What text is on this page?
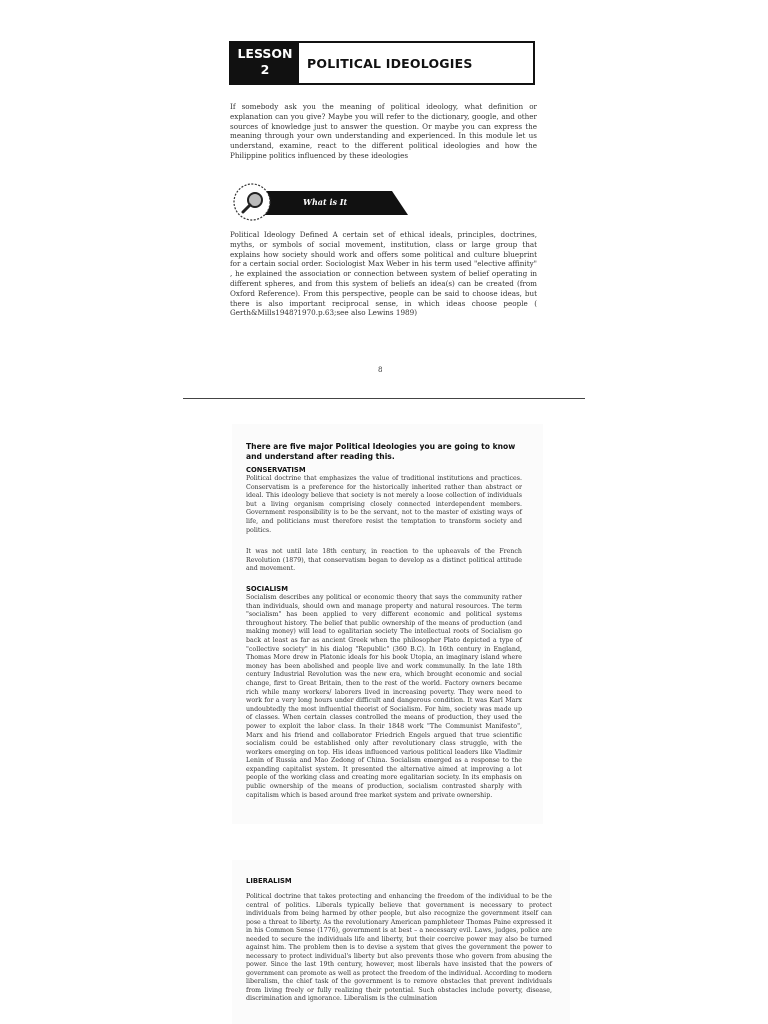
LESSON
2	POLITICAL IDEOLOGIES

If somebody ask you the meaning of political ideology, what definition or explanation can you give? Maybe you will refer to the dictionary, google, and other sources of knowledge just to answer the question. Or maybe you can express the meaning through your own understanding and experienced. In this module let us understand, examine, react to the different political ideologies and how the Philippine politics influenced by these ideologies

What is It

Political Ideology Defined A certain set of ethical ideals, principles, doctrines, myths, or symbols of social movement, institution, class or large group that explains how society should work and offers some political and culture blueprint for a certain social order. Sociologist Max Weber in his term used "elective affinity" , he explained the association or connection between system of belief operating in different spheres, and from this system of beliefs an idea(s) can be created (from Oxford Reference). From this perspective, people can be said to choose ideas, but there is also important reciprocal sense, in which ideas choose people ( Gerth&Mills1948?1970.p.63;see also Lewins 1989)

8
There are five major Political Ideologies you are going to know and understand after reading this.
CONSERVATISM

Political doctrine that emphasizes the value of traditional institutions and practices. Conservatism is a preference for the historically inherited rather than abstract or ideal. This ideology believe that society is not merely a loose collection of individuals but a living organism comprising closely connected interdependent members. Government responsibility is to be the servant, not to the master of existing ways of life, and politicians must therefore resist the temptation to transform society and politics.

It was not until late 18th century, in reaction to the upheavals of the French Revolution (1879), that conservatism began to develop as a distinct political attitude and movement.

SOCIALISM

Socialism describes any political or economic theory that says the community rather than individuals, should own and manage property and natural resources. The term "socialism" has been applied to very different economic and political systems throughout history. The belief that public ownership of the means of production (and making money) will lead to egalitarian society The intellectual roots of Socialism go back at least as far as ancient Greek when the philosopher Plato depicted a type of "collective society" in his dialog "Republic" (360 B.C). In 16th century in England, Thomas More drew in Platonic ideals for his book Utopia, an imaginary island where money has been abolished and people live and work communally. In the late 18th century Industrial Revolution was the new era, which brought economic and social change, first to Great Britain, then to the rest of the world. Factory owners became rich while many workers/ laborers lived in increasing poverty. They were need to work for a very long hours under difficult and dangerous condition. It was Karl Marx undoubtedly the most influential theorist of Socialism. For him, society was made up of classes. When certain classes controlled the means of production, they used the power to exploit the labor class. In their 1848 work "The Communist Manifesto", Marx and his friend and collaborator Friedrich Engels argued that true scientific socialism could be established only after revolutionary class struggle, with the workers emerging on top. His ideas influenced various political leaders like Vladimir Lenin of Russia and Mao Zedong of China. Socialism emerged as a response to the expanding capitalist system. It presented the alternative aimed at improving a lot people of the working class and creating more egalitarian society. In its emphasis on public ownership of the means of production, socialism contrasted sharply with capitalism which is based around free market system and private ownership.

LIBERALISM

Political doctrine that takes protecting and enhancing the freedom of the individual to be the central of politics. Liberals typically believe that government is necessary to protect individuals from being harmed by other people, but also recognize the government itself can pose a threat to liberty. As the revolutionary American pamphleteer Thomas Paine expressed it in his Common Sense (1776), government is at best – a necessary evil. Laws, judges, police are needed to secure the individuals life and liberty, but their coercive power may also be turned against him. The problem then is to devise a system that gives the government the power to necessary to protect individual's liberty but also prevents those who govern from abusing the power. Since the last 19th century, however, most liberals have insisted that the powers of government can promote as well as protect the freedom of the individual. According to modern liberalism, the chief task of the government is to remove obstacles that prevent individuals from living freely or fully realizing their potential. Such obstacles include poverty, disease, discrimination and ignorance. Liberalism is the culmination
